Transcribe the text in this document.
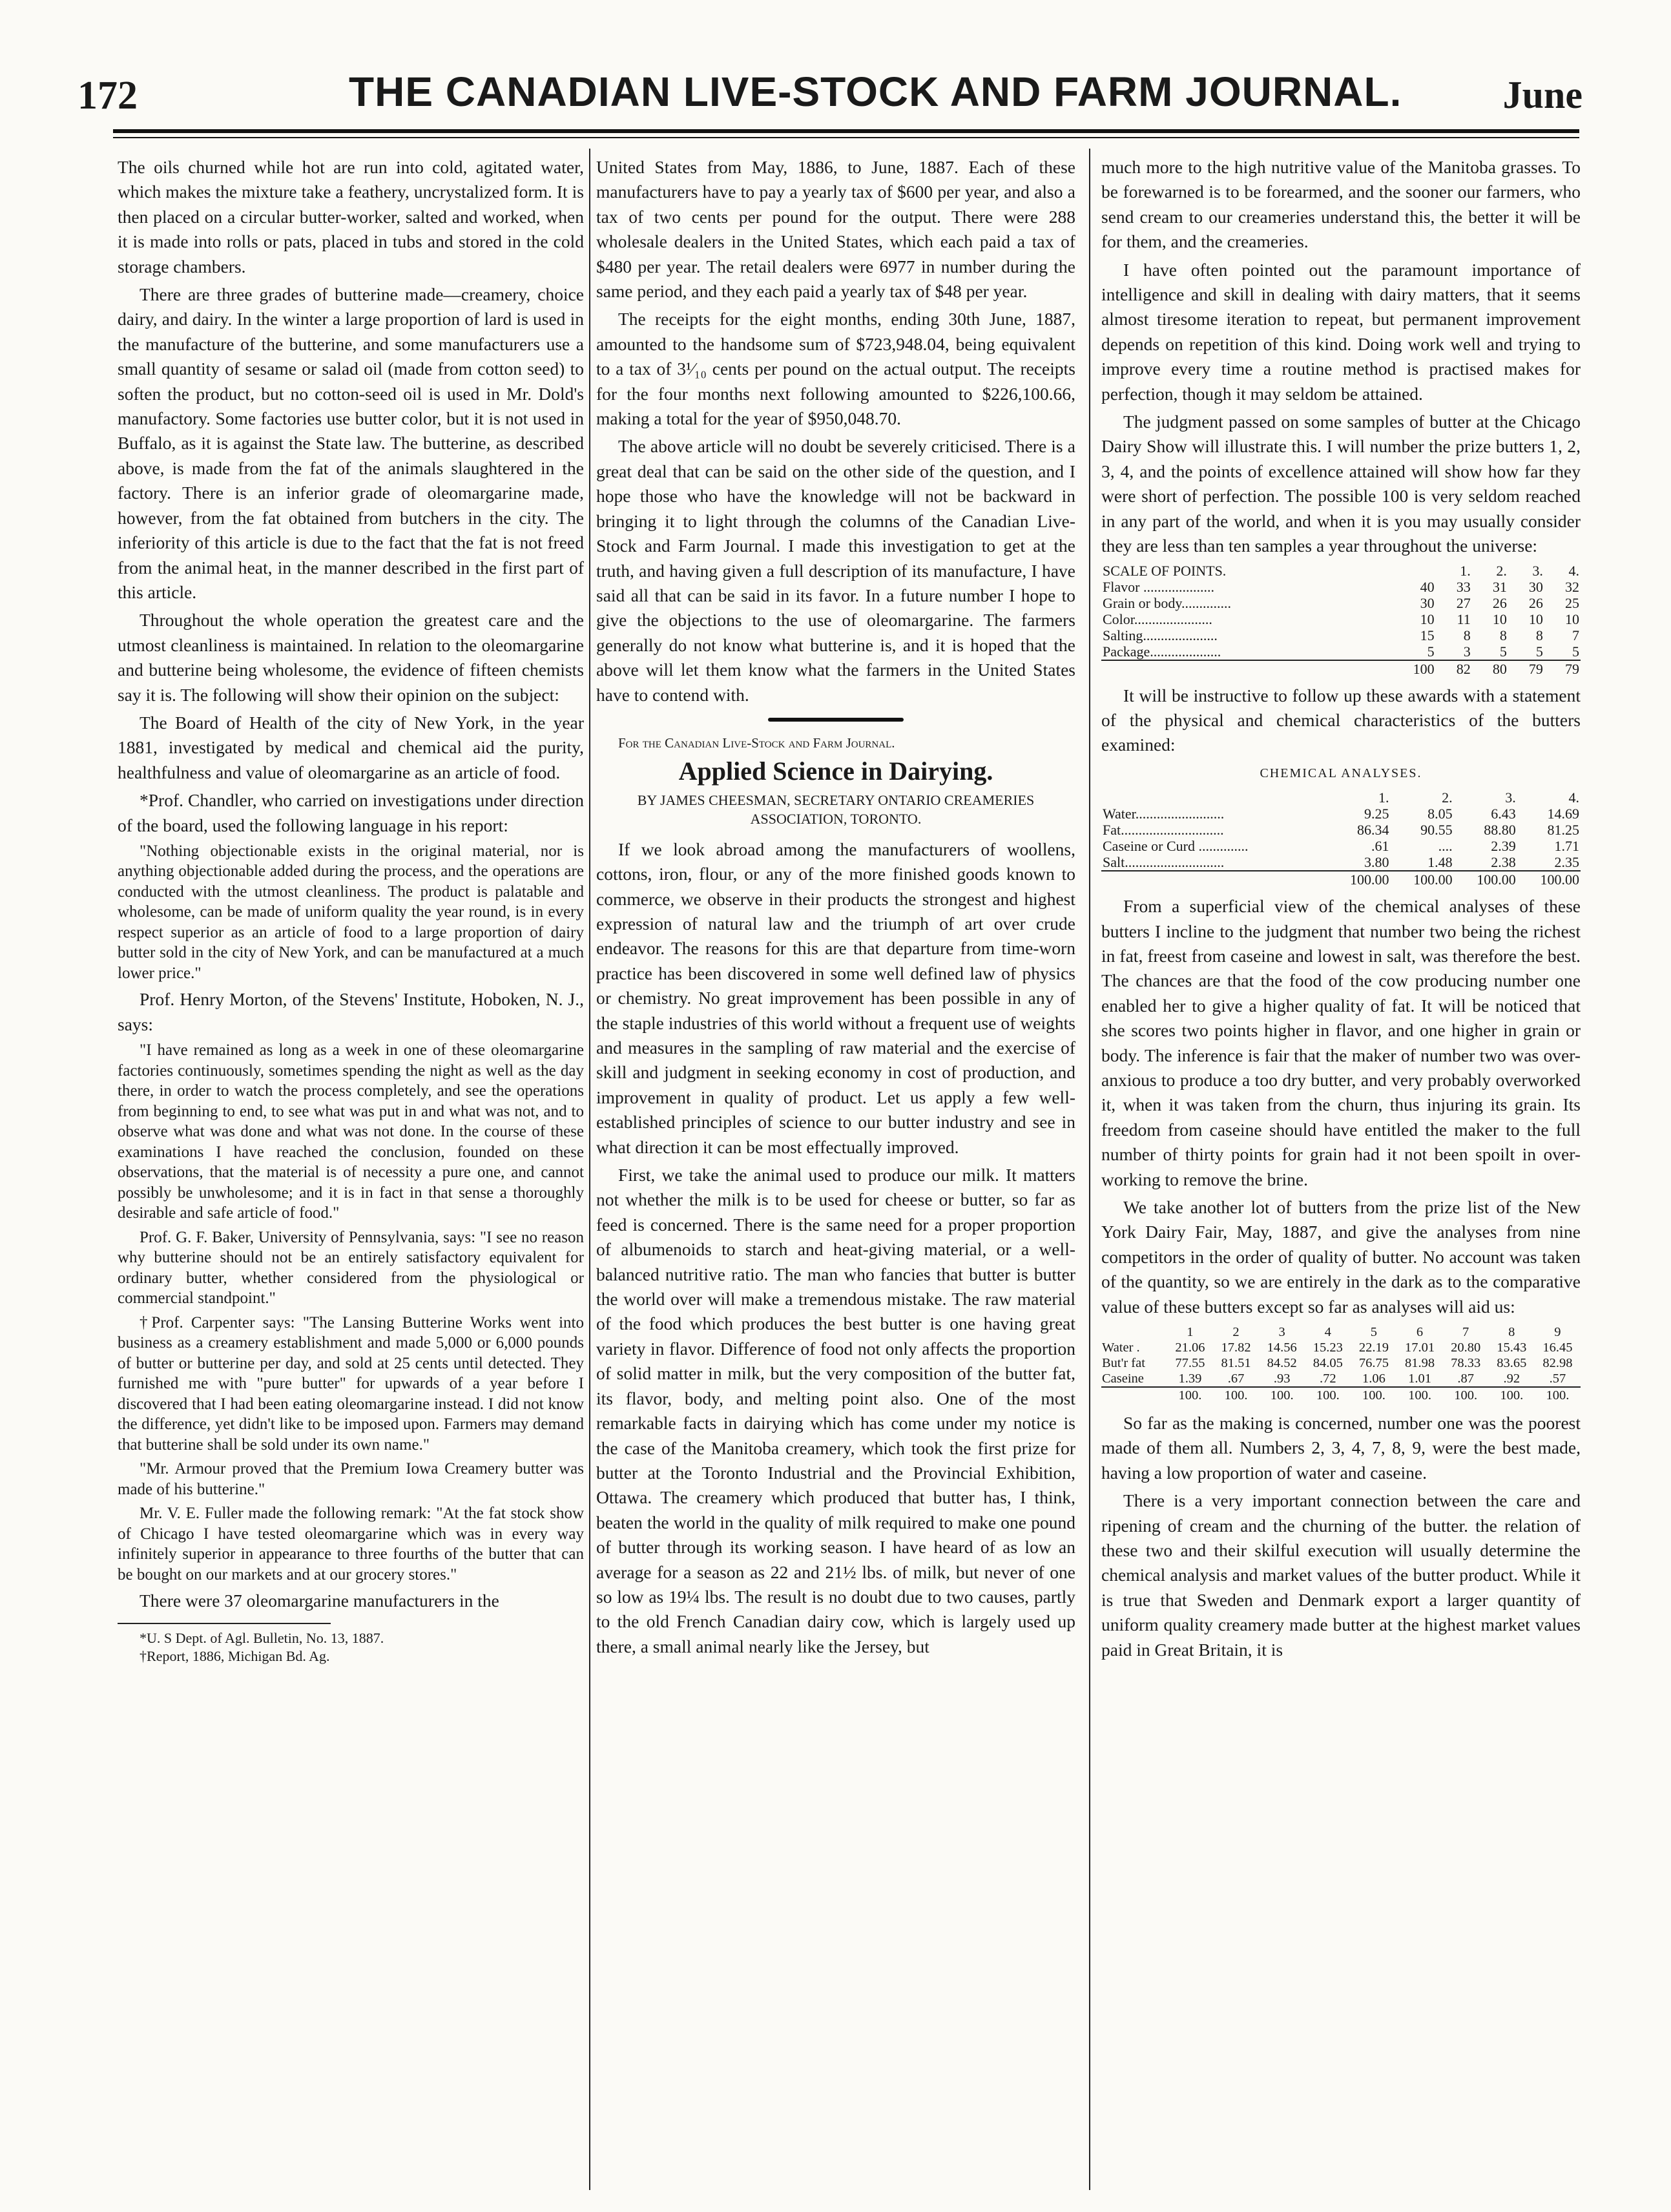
172	THE CANADIAN LIVE-STOCK AND FARM JOURNAL.	June

The oils churned while hot are run into cold, agitated water, which makes the mixture take a feathery, uncrystalized form. It is then placed on a circular butter-worker, salted and worked, when it is made into rolls or pats, placed in tubs and stored in the cold storage chambers.

There are three grades of butterine made—creamery, choice dairy, and dairy. In the winter a large proportion of lard is used in the manufacture of the butterine, and some manufacturers use a small quantity of sesame or salad oil (made from cotton seed) to soften the product, but no cotton-seed oil is used in Mr. Dold's manufactory. Some factories use butter color, but it is not used in Buffalo, as it is against the State law. The butterine, as described above, is made from the fat of the animals slaughtered in the factory. There is an inferior grade of oleomargarine made, however, from the fat obtained from butchers in the city. The inferiority of this article is due to the fact that the fat is not freed from the animal heat, in the manner described in the first part of this article.

Throughout the whole operation the greatest care and the utmost cleanliness is maintained. In relation to the oleomargarine and butterine being wholesome, the evidence of fifteen chemists say it is. The following will show their opinion on the subject:

The Board of Health of the city of New York, in the year 1881, investigated by medical and chemical aid the purity, healthfulness and value of oleomargarine as an article of food.

*Prof. Chandler, who carried on investigations under direction of the board, used the following language in his report:

"Nothing objectionable exists in the original material, nor is anything objectionable added during the process, and the operations are conducted with the utmost cleanliness. The product is palatable and wholesome, can be made of uniform quality the year round, is in every respect superior as an article of food to a large proportion of dairy butter sold in the city of New York, and can be manufactured at a much lower price."

Prof. Henry Morton, of the Stevens' Institute, Hoboken, N. J., says:

"I have remained as long as a week in one of these oleomargarine factories continuously, sometimes spending the night as well as the day there, in order to watch the process completely, and see the operations from beginning to end, to see what was put in and what was not, and to observe what was done and what was not done. In the course of these examinations I have reached the conclusion, founded on these observations, that the material is of necessity a pure one, and cannot possibly be unwholesome; and it is in fact in that sense a thoroughly desirable and safe article of food."

Prof. G. F. Baker, University of Pennsylvania, says: "I see no reason why butterine should not be an entirely satisfactory equivalent for ordinary butter, whether considered from the physiological or commercial standpoint."

†Prof. Carpenter says: "The Lansing Butterine Works went into business as a creamery establishment and made 5,000 or 6,000 pounds of butter or butterine per day, and sold at 25 cents until detected. They furnished me with "pure butter" for upwards of a year before I discovered that I had been eating oleomargarine instead. I did not know the difference, yet didn't like to be imposed upon. Farmers may demand that butterine shall be sold under its own name."

"Mr. Armour proved that the Premium Iowa Creamery butter was made of his butterine."

Mr. V. E. Fuller made the following remark: "At the fat stock show of Chicago I have tested oleomargarine which was in every way infinitely superior in appearance to three fourths of the butter that can be bought on our markets and at our grocery stores."

There were 37 oleomargarine manufacturers in the

*U. S Dept. of Agl. Bulletin, No. 13, 1887.

†Report, 1886, Michigan Bd. Ag.

United States from May, 1886, to June, 1887. Each of these manufacturers have to pay a yearly tax of $600 per year, and also a tax of two cents per pound for the output. There were 288 wholesale dealers in the United States, which each paid a tax of $480 per year. The retail dealers were 6977 in number during the same period, and they each paid a yearly tax of $48 per year.

The receipts for the eight months, ending 30th June, 1887, amounted to the handsome sum of $723,948.04, being equivalent to a tax of 3¹⁄₁₀ cents per pound on the actual output. The receipts for the four months next following amounted to $226,100.66, making a total for the year of $950,048.70.

The above article will no doubt be severely criticised. There is a great deal that can be said on the other side of the question, and I hope those who have the knowledge will not be backward in bringing it to light through the columns of the Canadian Live-Stock and Farm Journal. I made this investigation to get at the truth, and having given a full description of its manufacture, I have said all that can be said in its favor. In a future number I hope to give the objections to the use of oleomargarine. The farmers generally do not know what butterine is, and it is hoped that the above will let them know what the farmers in the United States have to contend with.

For the Canadian Live-Stock and Farm Journal.

Applied Science in Dairying.
BY JAMES CHEESMAN, SECRETARY ONTARIO CREAMERIES ASSOCIATION, TORONTO.

If we look abroad among the manufacturers of woollens, cottons, iron, flour, or any of the more finished goods known to commerce, we observe in their products the strongest and highest expression of natural law and the triumph of art over crude endeavor. The reasons for this are that departure from time-worn practice has been discovered in some well defined law of physics or chemistry. No great improvement has been possible in any of the staple industries of this world without a frequent use of weights and measures in the sampling of raw material and the exercise of skill and judgment in seeking economy in cost of production, and improvement in quality of product. Let us apply a few well-established principles of science to our butter industry and see in what direction it can be most effectually improved.

First, we take the animal used to produce our milk. It matters not whether the milk is to be used for cheese or butter, so far as feed is concerned. There is the same need for a proper proportion of albumenoids to starch and heat-giving material, or a well-balanced nutritive ratio. The man who fancies that butter is butter the world over will make a tremendous mistake. The raw material of the food which produces the best butter is one having great variety in flavor. Difference of food not only affects the proportion of solid matter in milk, but the very composition of the butter fat, its flavor, body, and melting point also. One of the most remarkable facts in dairying which has come under my notice is the case of the Manitoba creamery, which took the first prize for butter at the Toronto Industrial and the Provincial Exhibition, Ottawa. The creamery which produced that butter has, I think, beaten the world in the quality of milk required to make one pound of butter through its working season. I have heard of as low an average for a season as 22 and 21½ lbs. of milk, but never of one so low as 19¼ lbs. The result is no doubt due to two causes, partly to the old French Canadian dairy cow, which is largely used up there, a small animal nearly like the Jersey, but

much more to the high nutritive value of the Manitoba grasses. To be forewarned is to be forearmed, and the sooner our farmers, who send cream to our creameries understand this, the better it will be for them, and the creameries.

I have often pointed out the paramount importance of intelligence and skill in dealing with dairy matters, that it seems almost tiresome iteration to repeat, but permanent improvement depends on repetition of this kind. Doing work well and trying to improve every time a routine method is practised makes for perfection, though it may seldom be attained.

The judgment passed on some samples of butter at the Chicago Dairy Show will illustrate this. I will number the prize butters 1, 2, 3, 4, and the points of excellence attained will show how far they were short of perfection. The possible 100 is very seldom reached in any part of the world, and when it is you may usually consider they are less than ten samples a year throughout the universe:

SCALE OF POINTS.		1.	2.	3.	4.
Flavor ....................	40	33	31	30	32
Grain or body..............	30	27	26	26	25
Color......................	10	11	10	10	10
Salting.....................	15	8	8	8	7
Package....................	5	3	5	5	5
	100	82	80	79	79

It will be instructive to follow up these awards with a statement of the physical and chemical characteristics of the butters examined:

CHEMICAL ANALYSES.
	1.	2.	3.	4.
Water.........................	9.25	8.05	6.43	14.69
Fat.............................	86.34	90.55	88.80	81.25
Caseine or Curd ..............	.61	....	2.39	1.71
Salt............................	3.80	1.48	2.38	2.35
	100.00	100.00	100.00	100.00

From a superficial view of the chemical analyses of these butters I incline to the judgment that number two being the richest in fat, freest from caseine and lowest in salt, was therefore the best. The chances are that the food of the cow producing number one enabled her to give a higher quality of fat. It will be noticed that she scores two points higher in flavor, and one higher in grain or body. The inference is fair that the maker of number two was over-anxious to produce a too dry butter, and very probably overworked it, when it was taken from the churn, thus injuring its grain. Its freedom from caseine should have entitled the maker to the full number of thirty points for grain had it not been spoilt in over-working to remove the brine.

We take another lot of butters from the prize list of the New York Dairy Fair, May, 1887, and give the analyses from nine competitors in the order of quality of butter. No account was taken of the quantity, so we are entirely in the dark as to the comparative value of these butters except so far as analyses will aid us:

	1	2	3	4	5	6	7	8	9
Water .	21.06	17.82	14.56	15.23	22.19	17.01	20.80	15.43	16.45
But'r fat	77.55	81.51	84.52	84.05	76.75	81.98	78.33	83.65	82.98
Caseine	1.39	.67	.93	.72	1.06	1.01	.87	.92	.57
	100.	100.	100.	100.	100.	100.	100.	100.	100.

So far as the making is concerned, number one was the poorest made of them all. Numbers 2, 3, 4, 7, 8, 9, were the best made, having a low proportion of water and caseine.

There is a very important connection between the care and ripening of cream and the churning of the butter. the relation of these two and their skilful execution will usually determine the chemical analysis and market values of the butter product. While it is true that Sweden and Denmark export a larger quantity of uniform quality creamery made butter at the highest market values paid in Great Britain, it is
